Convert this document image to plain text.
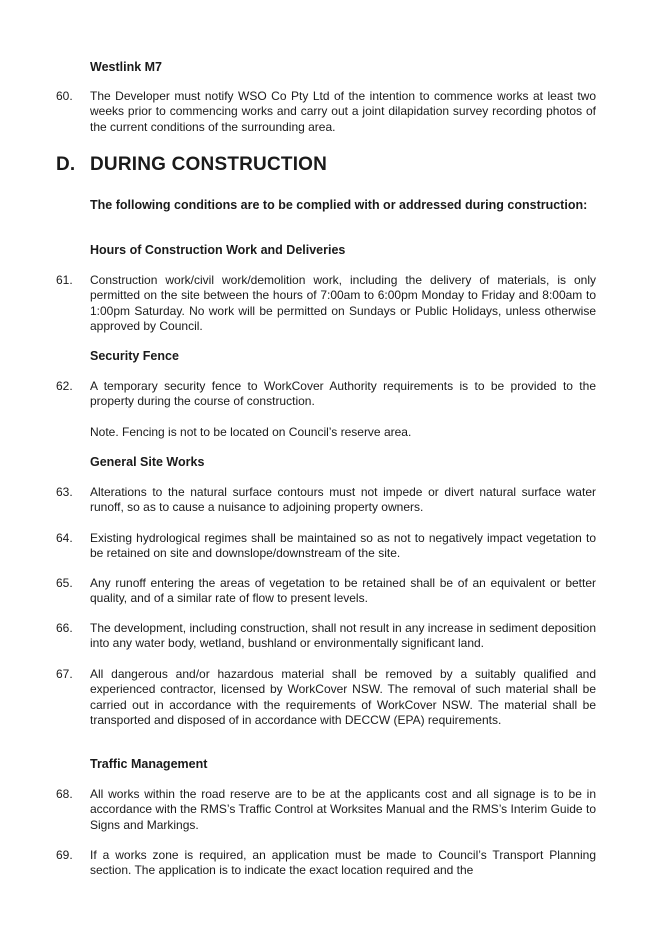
Westlink M7

60.	The Developer must notify WSO Co Pty Ltd of the intention to commence works at least two weeks prior to commencing works and carry out a joint dilapidation survey recording photos of the current conditions of the surrounding area.
D. DURING CONSTRUCTION

The following conditions are to be complied with or addressed during construction:

Hours of Construction Work and Deliveries

61.	Construction work/civil work/demolition work, including the delivery of materials, is only permitted on the site between the hours of 7:00am to 6:00pm Monday to Friday and 8:00am to 1:00pm Saturday. No work will be permitted on Sundays or Public Holidays, unless otherwise approved by Council.

Security Fence

62.	A temporary security fence to WorkCover Authority requirements is to be provided to the property during the course of construction.
Note. Fencing is not to be located on Council’s reserve area.

General Site Works

63.	Alterations to the natural surface contours must not impede or divert natural surface water runoff, so as to cause a nuisance to adjoining property owners.
64.	Existing hydrological regimes shall be maintained so as not to negatively impact vegetation to be retained on site and downslope/downstream of the site.
65.	Any runoff entering the areas of vegetation to be retained shall be of an equivalent or better quality, and of a similar rate of flow to present levels.
66.	The development, including construction, shall not result in any increase in sediment deposition into any water body, wetland, bushland or environmentally significant land.
67.	All dangerous and/or hazardous material shall be removed by a suitably qualified and experienced contractor, licensed by WorkCover NSW. The removal of such material shall be carried out in accordance with the requirements of WorkCover NSW. The material shall be transported and disposed of in accordance with DECCW (EPA) requirements.

Traffic Management

68.	All works within the road reserve are to be at the applicants cost and all signage is to be in accordance with the RMS’s Traffic Control at Worksites Manual and the RMS’s Interim Guide to Signs and Markings.
69.	If a works zone is required, an application must be made to Council’s Transport Planning section. The application is to indicate the exact location required and the
